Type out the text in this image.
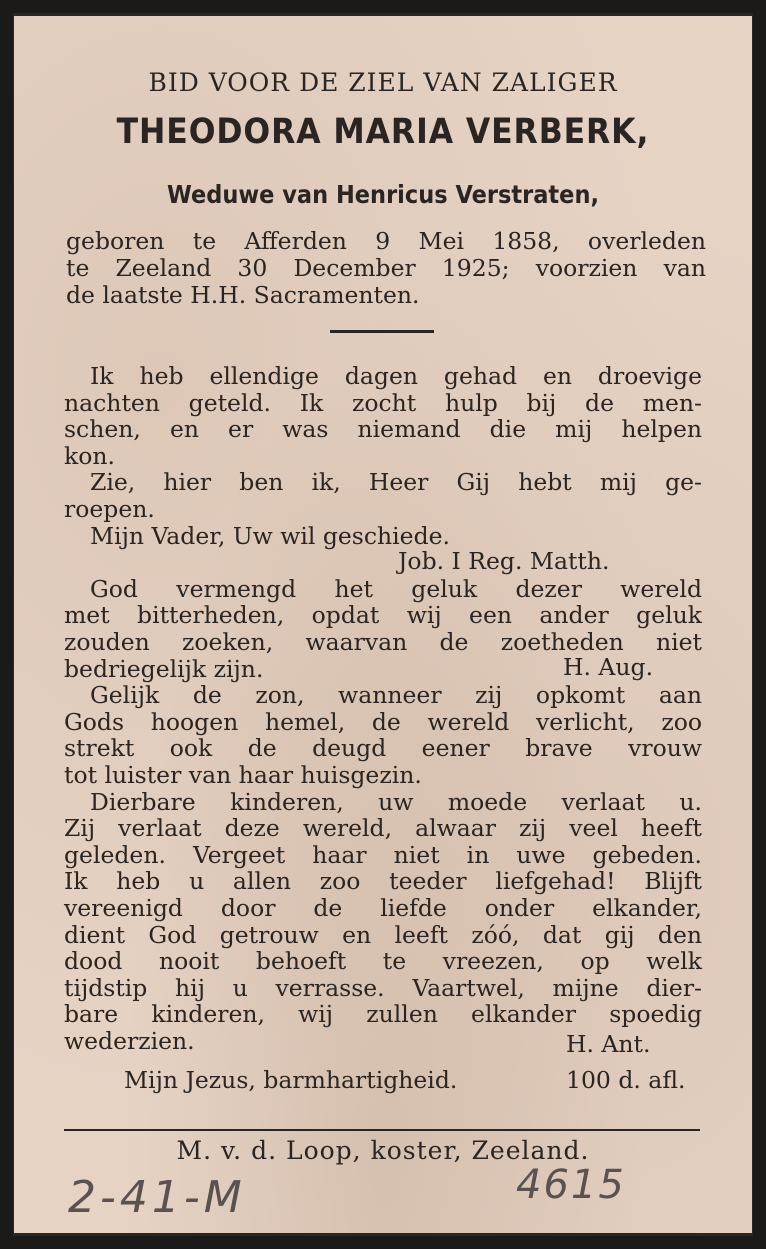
BID VOOR DE ZIEL VAN ZALIGER
THEODORA MARIA VERBERK,
Weduwe van Henricus Verstraten,
geboren te Afferden 9 Mei 1858, overleden
te Zeeland 30 December 1925; voorzien van
de laatste H.H. Sacramenten.
Ik heb ellendige dagen gehad en droevige
nachten geteld. Ik zocht hulp bij de men-
schen, en er was niemand die mij helpen
kon.
Zie, hier ben ik, Heer Gij hebt mij ge-
roepen.
Mijn Vader, Uw wil geschiede.
God vermengd het geluk dezer wereld
met bitterheden, opdat wij een ander geluk
zouden zoeken, waarvan de zoetheden niet
bedriegelijk zijn.
Gelijk de zon, wanneer zij opkomt aan
Gods hoogen hemel, de wereld verlicht, zoo
strekt ook de deugd eener brave vrouw
tot luister van haar huisgezin.
Dierbare kinderen, uw moede verlaat u.
Zij verlaat deze wereld, alwaar zij veel heeft
geleden. Vergeet haar niet in uwe gebeden.
Ik heb u allen zoo teeder liefgehad! Blijft
vereenigd door de liefde onder elkander,
dient God getrouw en leeft zóó, dat gij den
dood nooit behoeft te vreezen, op welk
tijdstip hij u verrasse. Vaartwel, mijne dier-
bare kinderen, wij zullen elkander spoedig
wederzien.
Job. I Reg. Matth.
H. Aug.
H. Ant.
Mijn Jezus, barmhartigheid.	100 d. afl.
M. v. d. Loop, koster, Zeeland.
2-41-M	4615
